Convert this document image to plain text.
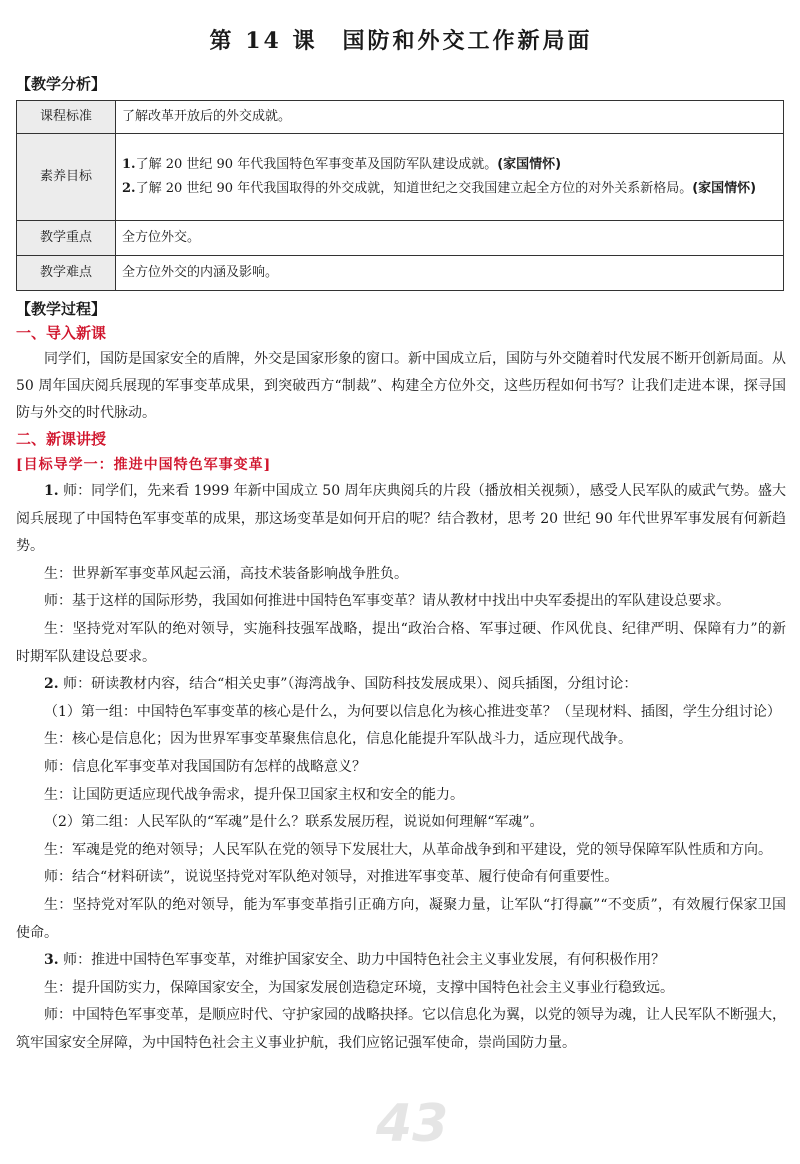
第 14 课　国防和外交工作新局面
【教学分析】
课程标准	了解改革开放后的外交成就。
素养目标	1.了解 20 世纪 90 年代我国特色军事变革及国防军队建设成就。(家国情怀)
2.了解 20 世纪 90 年代我国取得的外交成就，知道世纪之交我国建立起全方位的对外关系新格局。(家国情怀)

教学重点	全方位外交。
教学难点	全方位外交的内涵及影响。
【教学过程】
一、导入新课

同学们，国防是国家安全的盾牌，外交是国家形象的窗口。新中国成立后，国防与外交随着时代发展不断开创新局面。从 50 周年国庆阅兵展现的军事变革成果，到突破西方“制裁”、构建全方位外交，这些历程如何书写？让我们走进本课，探寻国防与外交的时代脉动。

二、新课讲授
[目标导学一：推进中国特色军事变革]

1. 师：同学们，先来看 1999 年新中国成立 50 周年庆典阅兵的片段（播放相关视频），感受人民军队的威武气势。盛大阅兵展现了中国特色军事变革的成果，那这场变革是如何开启的呢？结合教材，思考 20 世纪 90 年代世界军事发展有何新趋势。

生：世界新军事变革风起云涌，高技术装备影响战争胜负。

师：基于这样的国际形势，我国如何推进中国特色军事变革？请从教材中找出中央军委提出的军队建设总要求。

生：坚持党对军队的绝对领导，实施科技强军战略，提出“政治合格、军事过硬、作风优良、纪律严明、保障有力”的新时期军队建设总要求。

2. 师：研读教材内容，结合“相关史事”（海湾战争、国防科技发展成果）、阅兵插图，分组讨论：

（1）第一组：中国特色军事变革的核心是什么，为何要以信息化为核心推进变革？（呈现材料、插图，学生分组讨论）

生：核心是信息化；因为世界军事变革聚焦信息化，信息化能提升军队战斗力，适应现代战争。

师：信息化军事变革对我国国防有怎样的战略意义？

生：让国防更适应现代战争需求，提升保卫国家主权和安全的能力。

（2）第二组：人民军队的“军魂”是什么？联系发展历程，说说如何理解“军魂”。

生：军魂是党的绝对领导；人民军队在党的领导下发展壮大，从革命战争到和平建设，党的领导保障军队性质和方向。

师：结合“材料研读”，说说坚持党对军队绝对领导，对推进军事变革、履行使命有何重要性。

生：坚持党对军队的绝对领导，能为军事变革指引正确方向，凝聚力量，让军队“打得赢”“不变质”，有效履行保家卫国使命。

3. 师：推进中国特色军事变革，对维护国家安全、助力中国特色社会主义事业发展，有何积极作用？

生：提升国防实力，保障国家安全，为国家发展创造稳定环境，支撑中国特色社会主义事业行稳致远。

师：中国特色军事变革，是顺应时代、守护家园的战略抉择。它以信息化为翼，以党的领导为魂，让人民军队不断强大，筑牢国家安全屏障，为中国特色社会主义事业护航，我们应铭记强军使命，崇尚国防力量。

43
